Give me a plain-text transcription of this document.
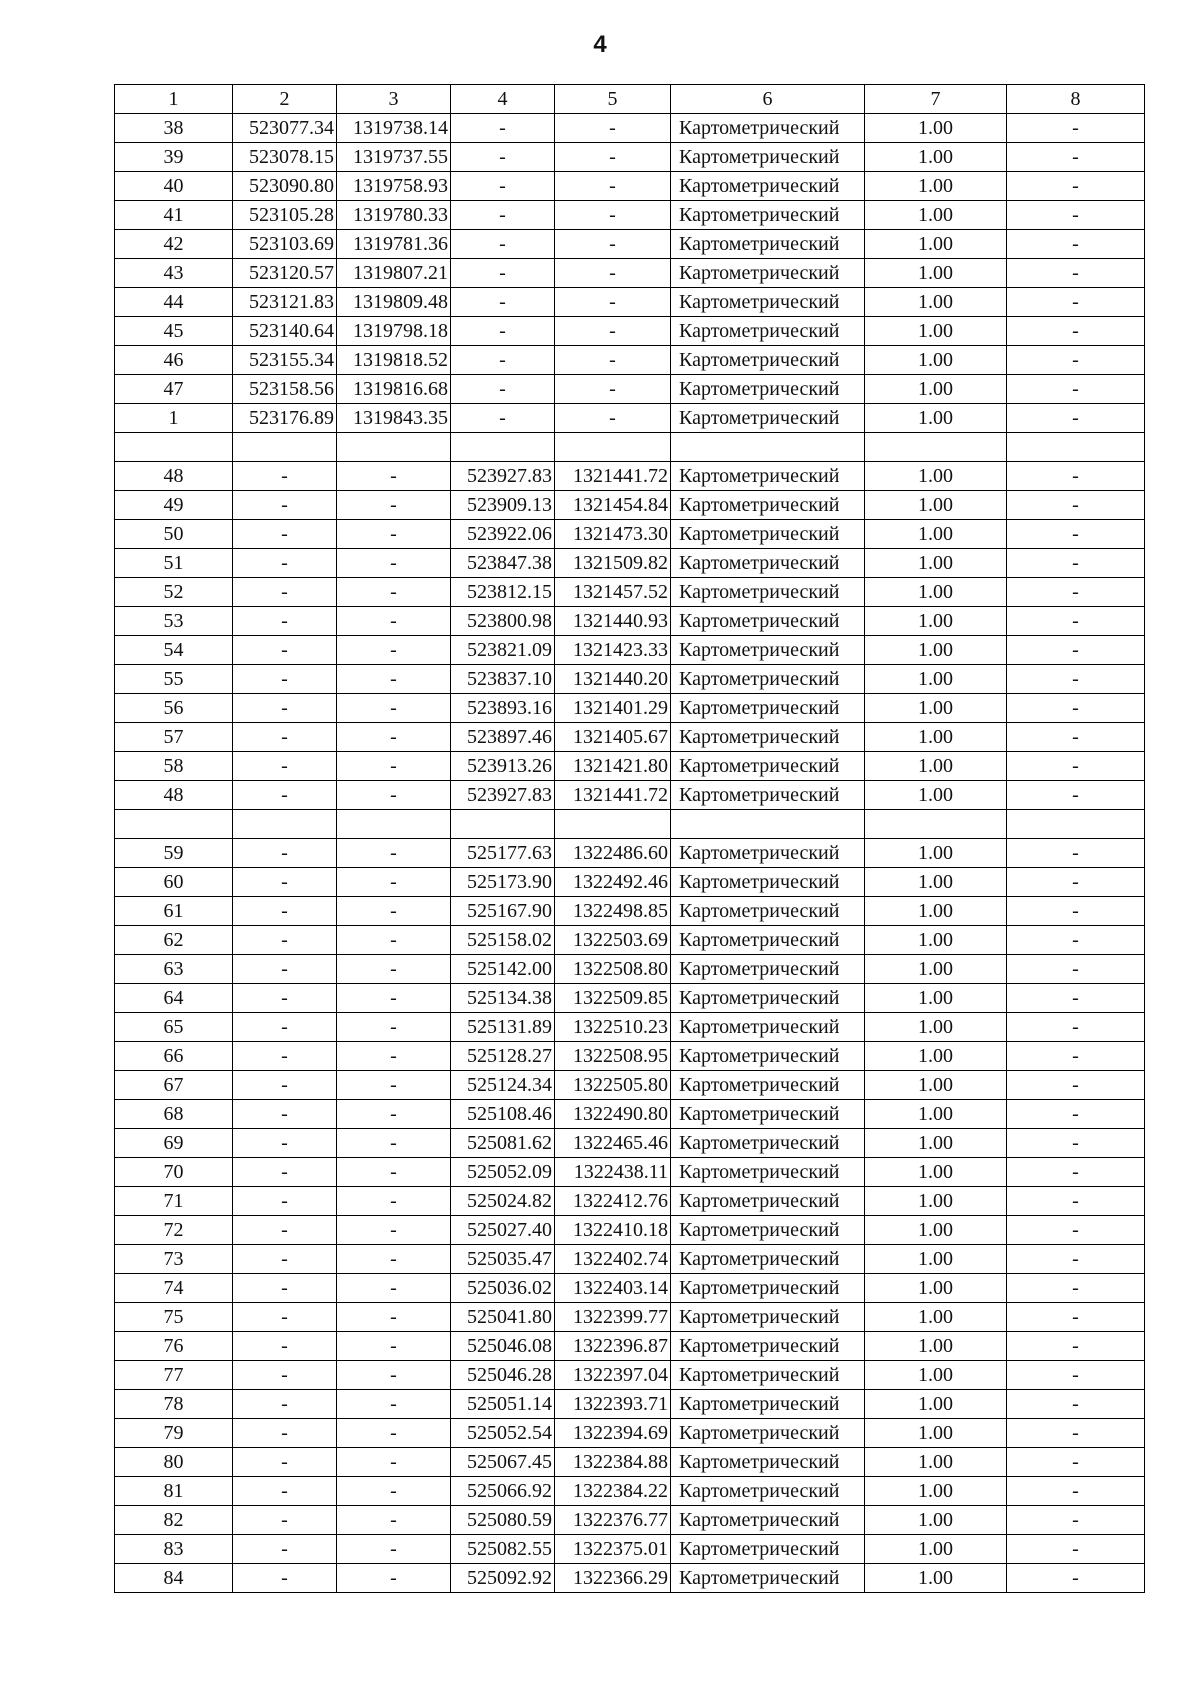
4
1	2	3	4	5	6	7	8
38	523077.34	1319738.14	-	-	Картометрический	1.00	-
39	523078.15	1319737.55	-	-	Картометрический	1.00	-
40	523090.80	1319758.93	-	-	Картометрический	1.00	-
41	523105.28	1319780.33	-	-	Картометрический	1.00	-
42	523103.69	1319781.36	-	-	Картометрический	1.00	-
43	523120.57	1319807.21	-	-	Картометрический	1.00	-
44	523121.83	1319809.48	-	-	Картометрический	1.00	-
45	523140.64	1319798.18	-	-	Картометрический	1.00	-
46	523155.34	1319818.52	-	-	Картометрический	1.00	-
47	523158.56	1319816.68	-	-	Картометрический	1.00	-
1	523176.89	1319843.35	-	-	Картометрический	1.00	-

48	-	-	523927.83	1321441.72	Картометрический	1.00	-
49	-	-	523909.13	1321454.84	Картометрический	1.00	-
50	-	-	523922.06	1321473.30	Картометрический	1.00	-
51	-	-	523847.38	1321509.82	Картометрический	1.00	-
52	-	-	523812.15	1321457.52	Картометрический	1.00	-
53	-	-	523800.98	1321440.93	Картометрический	1.00	-
54	-	-	523821.09	1321423.33	Картометрический	1.00	-
55	-	-	523837.10	1321440.20	Картометрический	1.00	-
56	-	-	523893.16	1321401.29	Картометрический	1.00	-
57	-	-	523897.46	1321405.67	Картометрический	1.00	-
58	-	-	523913.26	1321421.80	Картометрический	1.00	-
48	-	-	523927.83	1321441.72	Картометрический	1.00	-

59	-	-	525177.63	1322486.60	Картометрический	1.00	-
60	-	-	525173.90	1322492.46	Картометрический	1.00	-
61	-	-	525167.90	1322498.85	Картометрический	1.00	-
62	-	-	525158.02	1322503.69	Картометрический	1.00	-
63	-	-	525142.00	1322508.80	Картометрический	1.00	-
64	-	-	525134.38	1322509.85	Картометрический	1.00	-
65	-	-	525131.89	1322510.23	Картометрический	1.00	-
66	-	-	525128.27	1322508.95	Картометрический	1.00	-
67	-	-	525124.34	1322505.80	Картометрический	1.00	-
68	-	-	525108.46	1322490.80	Картометрический	1.00	-
69	-	-	525081.62	1322465.46	Картометрический	1.00	-
70	-	-	525052.09	1322438.11	Картометрический	1.00	-
71	-	-	525024.82	1322412.76	Картометрический	1.00	-
72	-	-	525027.40	1322410.18	Картометрический	1.00	-
73	-	-	525035.47	1322402.74	Картометрический	1.00	-
74	-	-	525036.02	1322403.14	Картометрический	1.00	-
75	-	-	525041.80	1322399.77	Картометрический	1.00	-
76	-	-	525046.08	1322396.87	Картометрический	1.00	-
77	-	-	525046.28	1322397.04	Картометрический	1.00	-
78	-	-	525051.14	1322393.71	Картометрический	1.00	-
79	-	-	525052.54	1322394.69	Картометрический	1.00	-
80	-	-	525067.45	1322384.88	Картометрический	1.00	-
81	-	-	525066.92	1322384.22	Картометрический	1.00	-
82	-	-	525080.59	1322376.77	Картометрический	1.00	-
83	-	-	525082.55	1322375.01	Картометрический	1.00	-
84	-	-	525092.92	1322366.29	Картометрический	1.00	-
